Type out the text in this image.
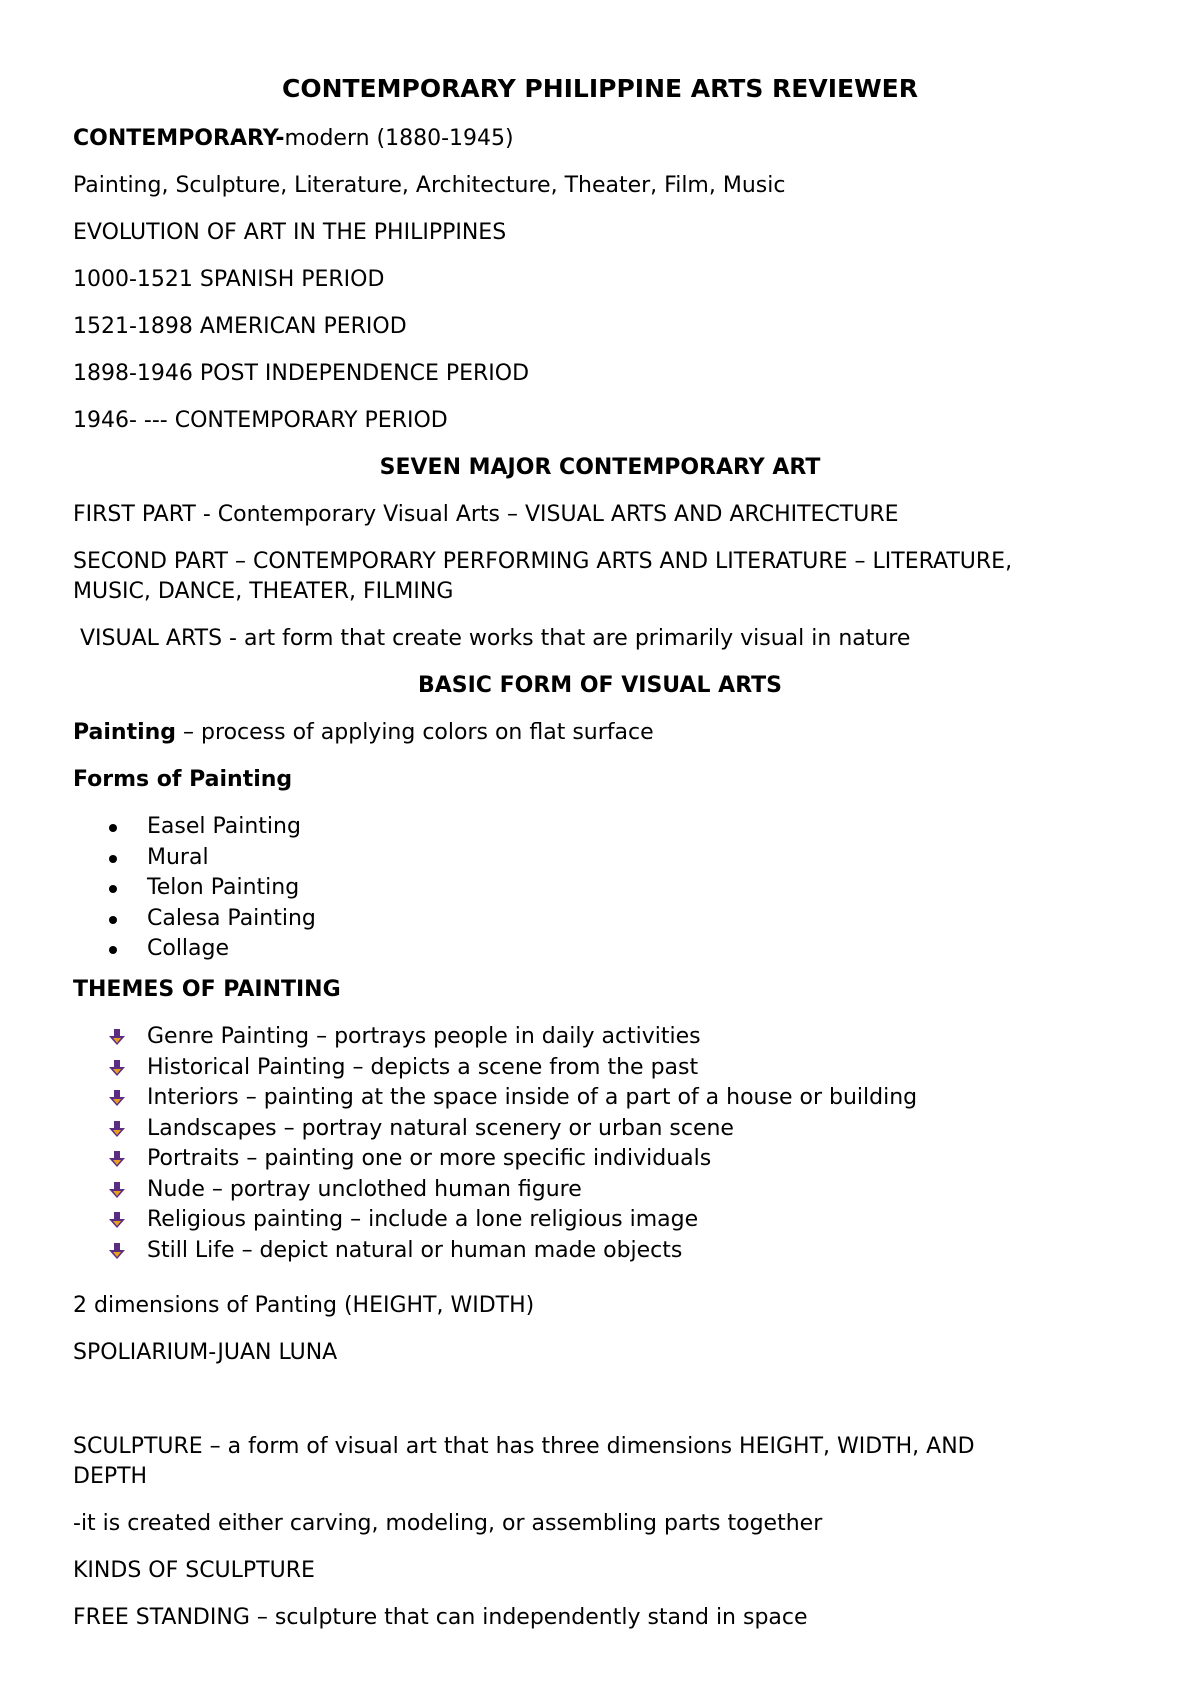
CONTEMPORARY PHILIPPINE ARTS REVIEWER
CONTEMPORARY-modern (1880-1945)
Painting, Sculpture, Literature, Architecture, Theater, Film, Music
EVOLUTION OF ART IN THE PHILIPPINES
1000-1521 SPANISH PERIOD
1521-1898 AMERICAN PERIOD
1898-1946 POST INDEPENDENCE PERIOD
1946- --- CONTEMPORARY PERIOD
SEVEN MAJOR CONTEMPORARY ART
FIRST PART - Contemporary Visual Arts – VISUAL ARTS AND ARCHITECTURE
SECOND PART – CONTEMPORARY PERFORMING ARTS AND LITERATURE – LITERATURE,
MUSIC, DANCE, THEATER, FILMING
VISUAL ARTS - art form that create works that are primarily visual in nature
BASIC FORM OF VISUAL ARTS
Painting – process of applying colors on flat surface
Forms of Painting
Easel Painting
Mural
Telon Painting
Calesa Painting
Collage
THEMES OF PAINTING
Genre Painting – portrays people in daily activities
Historical Painting – depicts a scene from the past
Interiors – painting at the space inside of a part of a house or building
Landscapes – portray natural scenery or urban scene
Portraits – painting one or more specific individuals
Nude – portray unclothed human figure
Religious painting – include a lone religious image
Still Life – depict natural or human made objects
2 dimensions of Panting (HEIGHT, WIDTH)
SPOLIARIUM-JUAN LUNA
SCULPTURE – a form of visual art that has three dimensions HEIGHT, WIDTH, AND
DEPTH
-it is created either carving, modeling, or assembling parts together
KINDS OF SCULPTURE
FREE STANDING – sculpture that can independently stand in space
